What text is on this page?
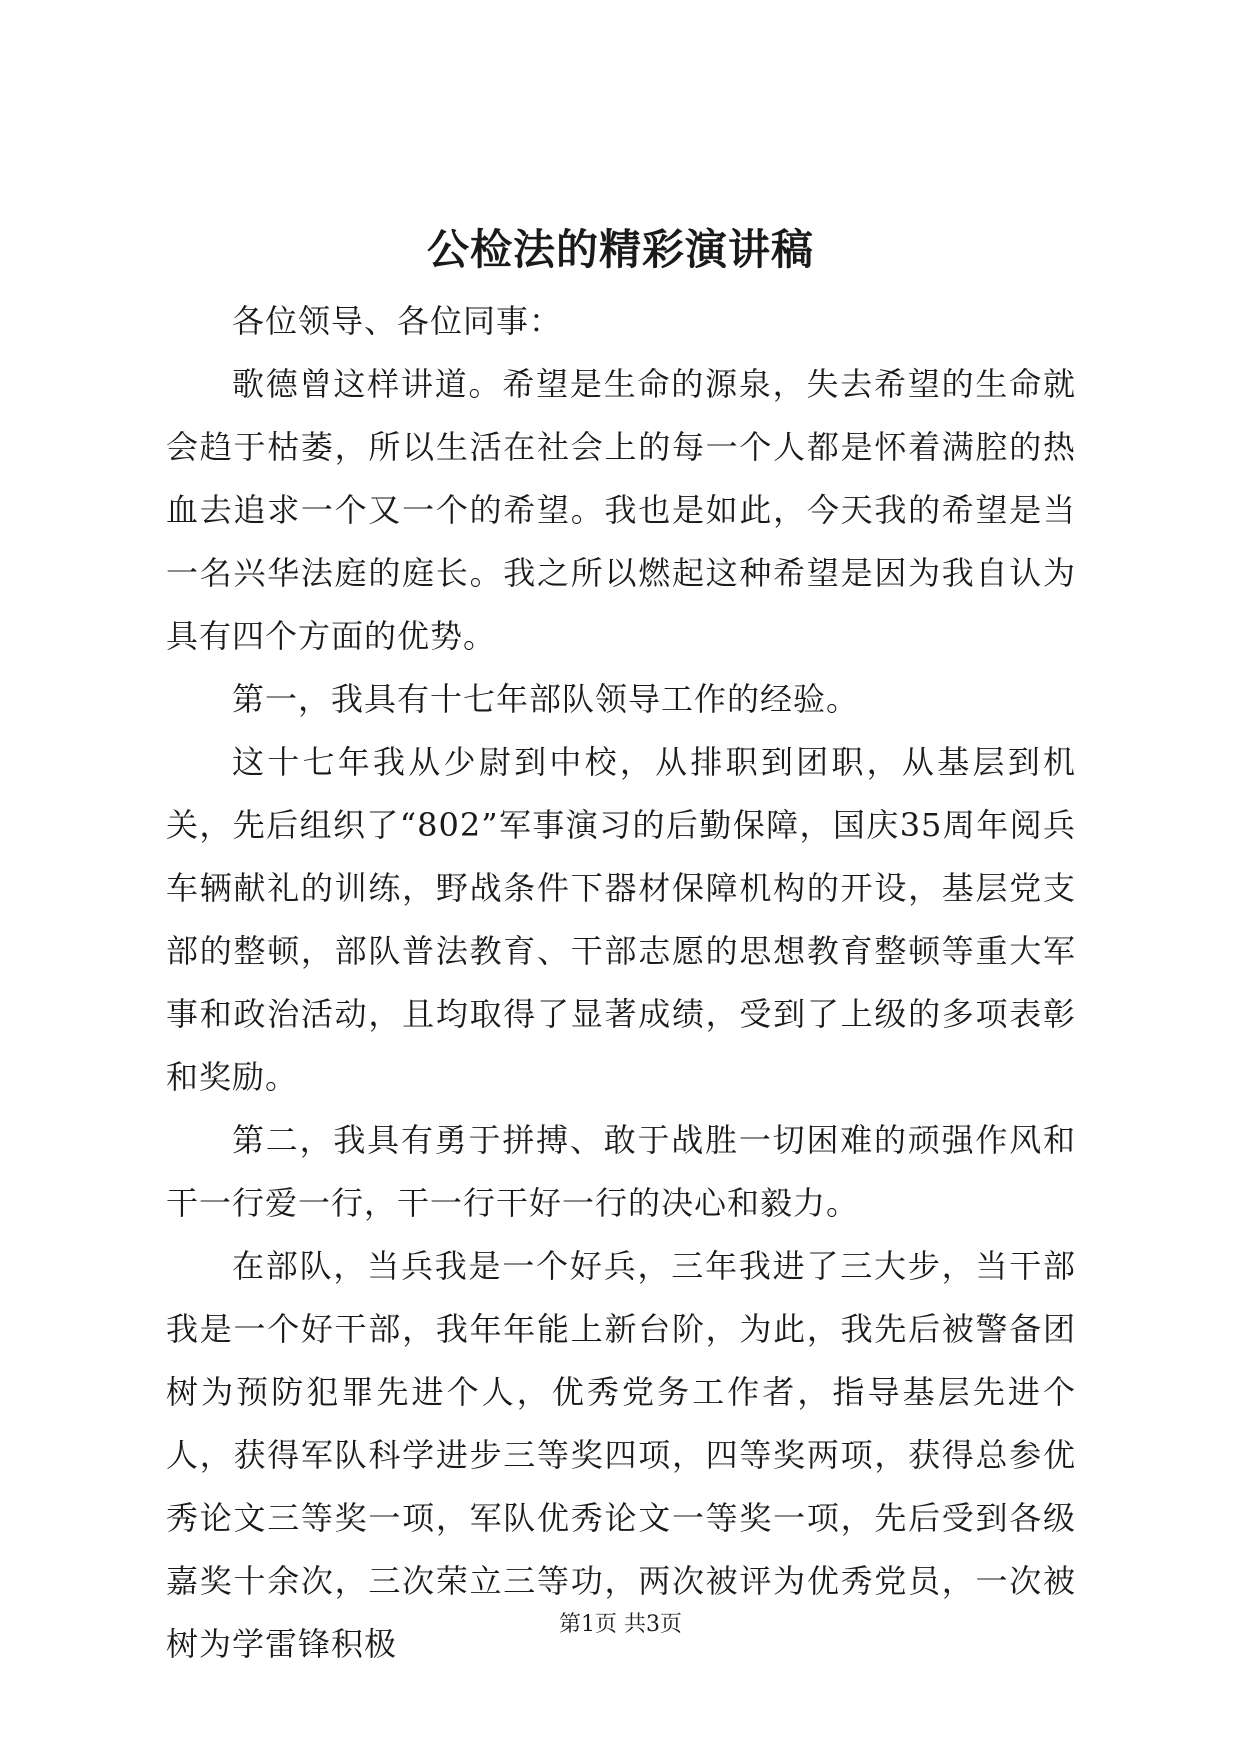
公检法的精彩演讲稿

各位领导、各位同事：

歌德曾这样讲道。希望是生命的源泉，失去希望的生命就会趋于枯萎，所以生活在社会上的每一个人都是怀着满腔的热血去追求一个又一个的希望。我也是如此，今天我的希望是当一名兴华法庭的庭长。我之所以燃起这种希望是因为我自认为具有四个方面的优势。

第一，我具有十七年部队领导工作的经验。

这十七年我从少尉到中校，从排职到团职，从基层到机关，先后组织了“802”军事演习的后勤保障，国庆35周年阅兵车辆献礼的训练，野战条件下器材保障机构的开设，基层党支部的整顿，部队普法教育、干部志愿的思想教育整顿等重大军事和政治活动，且均取得了显著成绩，受到了上级的多项表彰和奖励。

第二，我具有勇于拼搏、敢于战胜一切困难的顽强作风和干一行爱一行，干一行干好一行的决心和毅力。

在部队，当兵我是一个好兵，三年我进了三大步，当干部我是一个好干部，我年年能上新台阶，为此，我先后被警备团树为预防犯罪先进个人，优秀党务工作者，指导基层先进个人，获得军队科学进步三等奖四项，四等奖两项，获得总参优秀论文三等奖一项，军队优秀论文一等奖一项，先后受到各级嘉奖十余次，三次荣立三等功，两次被评为优秀党员，一次被树为学雷锋积极

第1页 共3页
